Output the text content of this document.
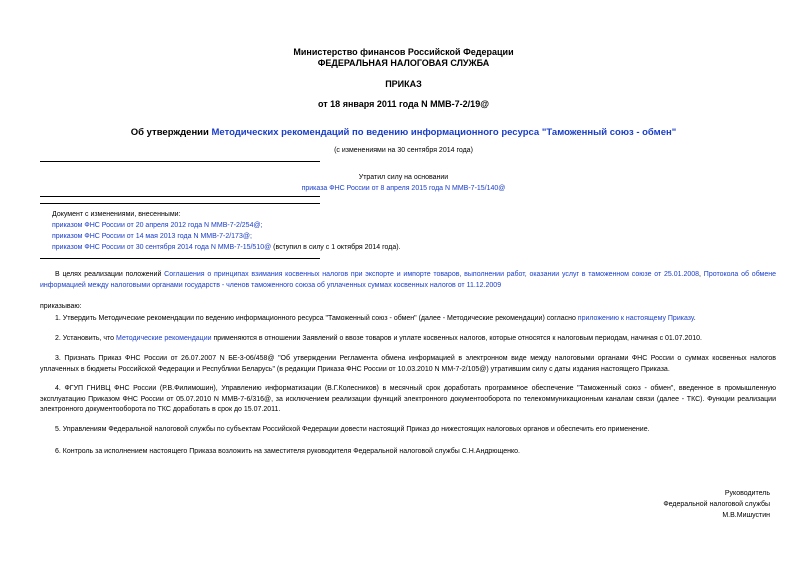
Министерство финансов Российской Федерации
ФЕДЕРАЛЬНАЯ НАЛОГОВАЯ СЛУЖБА
ПРИКАЗ
от 18 января 2011 года N ММВ-7-2/19@
Об утверждении Методических рекомендаций по ведению информационного ресурса "Таможенный союз - обмен"
(с изменениями на 30 сентября 2014 года)
Утратил силу на основании
приказа ФНС России от 8 апреля 2015 года N ММВ-7-15/140@
Документ с изменениями, внесенными:
приказом ФНС России от 20 апреля 2012 года N ММВ-7-2/254@;
приказом ФНС России от 14 мая 2013 года N ММВ-7-2/173@;
приказом ФНС России от 30 сентября 2014 года N ММВ-7-15/510@ (вступил в силу с 1 октября 2014 года).
В целях реализации положений Соглашения о принципах взимания косвенных налогов при экспорте и импорте товаров, выполнении работ, оказании услуг в таможенном союзе от 25.01.2008, Протокола об обмене информацией между налоговыми органами государств - членов таможенного союза об уплаченных суммах косвенных налогов от 11.12.2009
приказываю:
1. Утвердить Методические рекомендации по ведению информационного ресурса "Таможенный союз - обмен" (далее - Методические рекомендации) согласно приложению к настоящему Приказу.
2. Установить, что Методические рекомендации применяются в отношении Заявлений о ввозе товаров и уплате косвенных налогов, которые относятся к налоговым периодам, начиная с 01.07.2010.
3. Признать Приказ ФНС России от 26.07.2007 N БЕ-3-06/458@ "Об утверждении Регламента обмена информацией в электронном виде между налоговыми органами ФНС России о суммах косвенных налогов уплаченных в бюджеты Российской Федерации и Республики Беларусь" (в редакции Приказа ФНС России от 10.03.2010 N ММ-7-2/105@) утратившим силу с даты издания настоящего Приказа.
4. ФГУП ГНИВЦ ФНС России (Р.В.Филимошин), Управлению информатизации (В.Г.Колесников) в месячный срок доработать программное обеспечение "Таможенный союз - обмен", введенное в промышленную эксплуатацию Приказом ФНС России от 05.07.2010 N ММВ-7-6/316@, за исключением реализации функций электронного документооборота по телекоммуникационным каналам связи (далее - ТКС). Функции реализации электронного документооборота по ТКС доработать в срок до 15.07.2011.
5. Управлениям Федеральной налоговой службы по субъектам Российской Федерации довести настоящий Приказ до нижестоящих налоговых органов и обеспечить его применение.
6. Контроль за исполнением настоящего Приказа возложить на заместителя руководителя Федеральной налоговой службы С.Н.Андрющенко.
Руководитель
Федеральной налоговой службы
М.В.Мишустин
